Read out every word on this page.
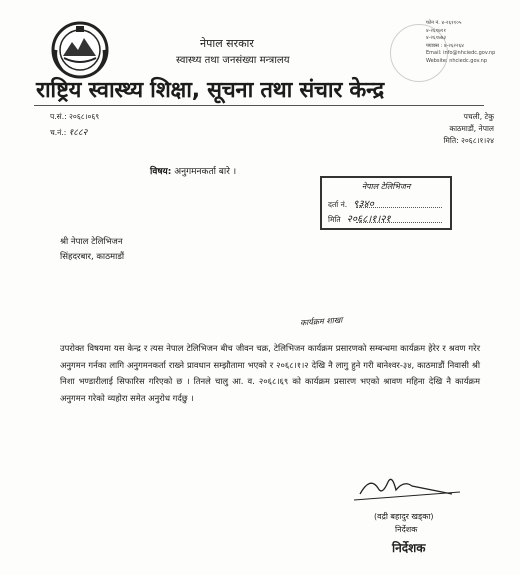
नेपाल सरकार
स्वास्थ्य तथा जनसंख्या मन्त्रालय
फोन नं. ४-२६११०५
४-२६१७११
४-२६१७७३
फ्याक्स : ४-२६२२६४
Email: info@nhciedc.gov.np
Website: nhciedc.gov.np
राष्ट्रिय स्वास्थ्य शिक्षा, सूचना तथा संचार केन्द्र
प.सं.: २०६८।०६९
च.नं.: १८८२
पचली, टेकु
काठमाडौं, नेपाल
मिति: २०६८।१।२४
विषय: अनुगमनकर्ता बारे ।
नेपाल टेलिभिजन
दर्ता नं. ९३४०
मिति २०६८।१।२१
श्री नेपाल टेलिभिजन
सिंहदरबार, काठमाडौं
कार्यक्रम शाखा

उपरोक्त विषयमा यस केन्द्र र त्यस नेपाल टेलिभिजन बीच जीवन चक्र, टेलिभिजन कार्यक्रम प्रसारणको सम्बन्धमा कार्यक्रम हेरेर र श्रवण गरेर अनुगमन गर्नका लागि अनुगमनकर्ता राख्ने प्रावधान सम्झौतामा भएको र २०६८।१।२ देखि नै लागु हुने गरी बानेश्वर-३४, काठमाडौं निवासी श्री निशा भण्डारीलाई सिफारिस गरिएको छ । तिनले चालु आ. व. २०६८।६९ को कार्यक्रम प्रसारण भएको श्रावण महिना देखि नै कार्यक्रम अनुगमन गरेको व्यहोरा समेत अनुरोध गर्दछु ।

(वद्री बहादुर खड्का)
निर्देशक
निर्देशक
